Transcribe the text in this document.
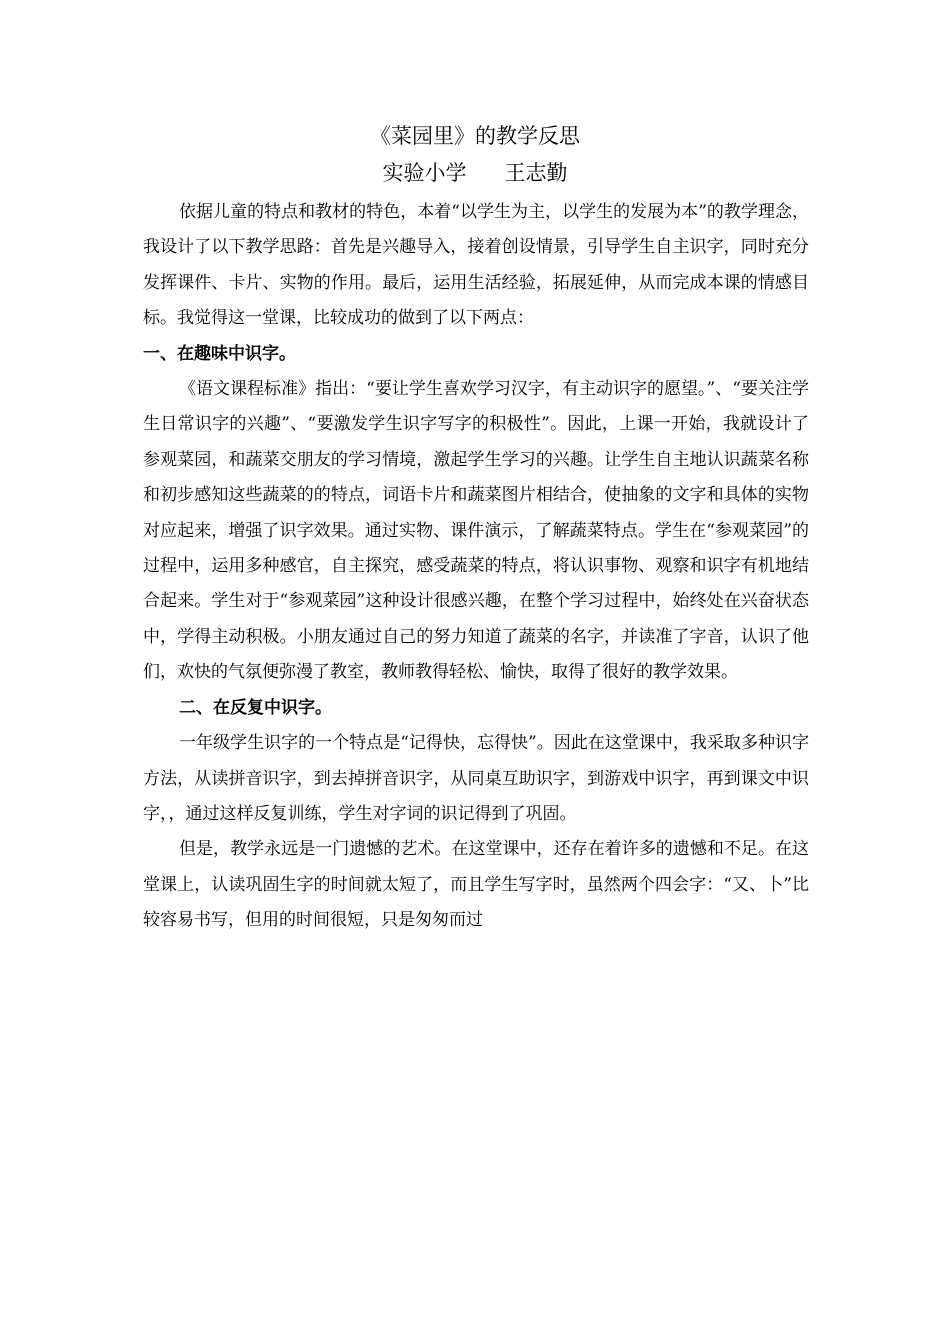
《菜园里》的教学反思
实验小学 王志勤

依据儿童的特点和教材的特色，本着“以学生为主，以学生的发展为本”的教学理念，我设计了以下教学思路：首先是兴趣导入，接着创设情景，引导学生自主识字，同时充分发挥课件、卡片、实物的作用。最后，运用生活经验，拓展延伸，从而完成本课的情感目标。我觉得这一堂课，比较成功的做到了以下两点：

一、在趣味中识字。

《语文课程标准》指出：“要让学生喜欢学习汉字，有主动识字的愿望。”、“要关注学生日常识字的兴趣”、“要激发学生识字写字的积极性”。因此，上课一开始，我就设计了参观菜园，和蔬菜交朋友的学习情境，激起学生学习的兴趣。让学生自主地认识蔬菜名称和初步感知这些蔬菜的的特点，词语卡片和蔬菜图片相结合，使抽象的文字和具体的实物对应起来，增强了识字效果。通过实物、课件演示，了解蔬菜特点。学生在“参观菜园”的过程中，运用多种感官，自主探究，感受蔬菜的特点，将认识事物、观察和识字有机地结合起来。学生对于“参观菜园”这种设计很感兴趣，在整个学习过程中，始终处在兴奋状态中，学得主动积极。小朋友通过自己的努力知道了蔬菜的名字，并读准了字音，认识了他们，欢快的气氛便弥漫了教室，教师教得轻松、愉快，取得了很好的教学效果。

二、在反复中识字。

一年级学生识字的一个特点是“记得快，忘得快”。因此在这堂课中，我采取多种识字方法，从读拼音识字，到去掉拼音识字，从同桌互助识字，到游戏中识字，再到课文中识字，，通过这样反复训练，学生对字词的识记得到了巩固。

但是，教学永远是一门遗憾的艺术。在这堂课中，还存在着许多的遗憾和不足。在这堂课上，认读巩固生字的时间就太短了，而且学生写字时，虽然两个四会字：“又、卜”比较容易书写，但用的时间很短，只是匆匆而过
